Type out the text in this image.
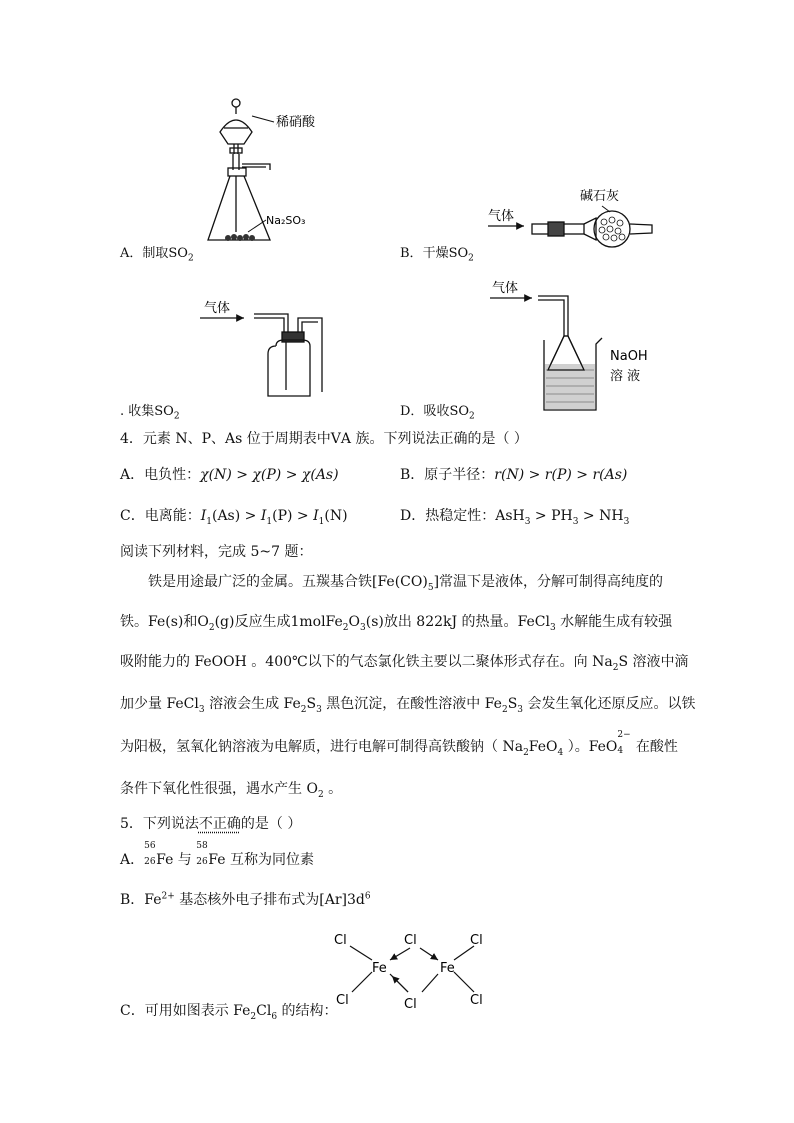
稀硝酸
Na₂SO₃
A．制取$SO_2$
气体
碱石灰
B．干燥$SO_2$
气体
. 收集$SO_2$
气体
NaOH
溶 液
D．吸收$SO_2$
4．元素 N、P、As 位于周期表中ⅤA 族。下列说法正确的是（ ）
A．电负性：χ(N) > χ(P) > χ(As)	B．原子半径：r(N) > r(P) > r(As)
C．电离能：$I_1(As) > I_1(P) > I_1(N)$	D．热稳定性：$AsH_3 > PH_3 > NH_3$
阅读下列材料，完成 5~7 题：
铁是用途最广泛的金属。五羰基合铁$[Fe(CO)_5]$常温下是液体，分解可制得高纯度的
铁。Fe(s)和$O_2(g)$反应生成$1molFe_2O_3(s)$放出 822kJ 的热量。FeCl$_3$ 水解能生成有较强
吸附能力的 FeOOH 。400℃以下的气态氯化铁主要以二聚体形式存在。向 $Na_2S$ 溶液中滴
加少量 FeCl$_3$ 溶液会生成 $Fe_2S_3$ 黑色沉淀，在酸性溶液中 $Fe_2S_3$ 会发生氧化还原反应。以铁
为阳极，氢氧化钠溶液为电解质，进行电解可制得高铁酸钠（ $Na_2FeO_4$ ）。FeO
2−
4 在酸性
条件下氧化性很强，遇水产生 $O_2$ 。
5．下列说法不正确的是（ ）
A．
56
26 Fe 与
58
26 Fe 互称为同位素
B．$Fe^{2+}$ 基态核外电子排布式为$[Ar]3d^6$
C．可用如图表示 $Fe_2Cl_6$ 的结构：
Cl	Cl	Cl
Fe	Fe
Cl	Cl	Cl
